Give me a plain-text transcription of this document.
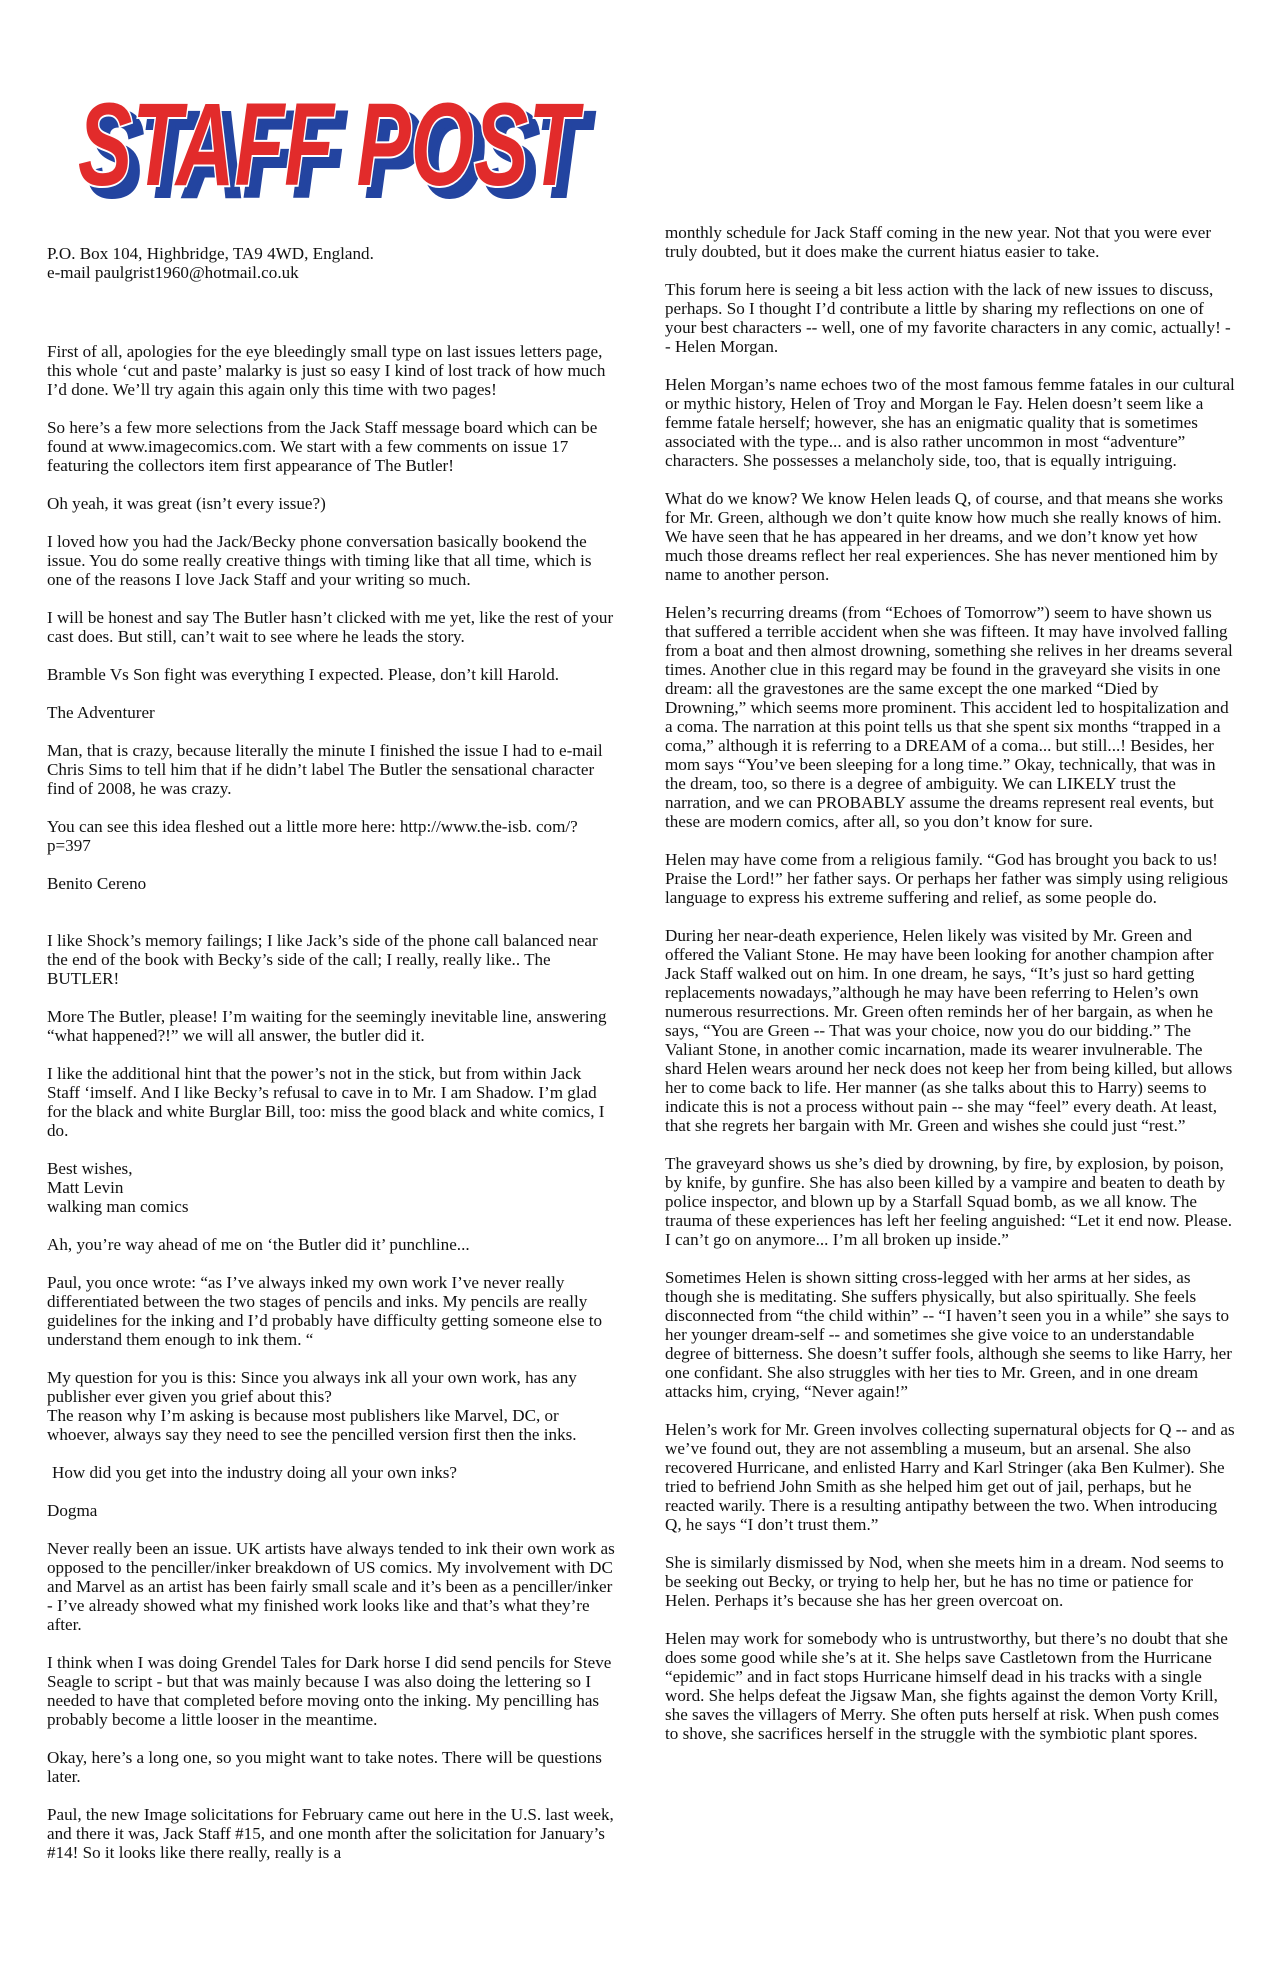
STAFF POST
STAFF POST

P.O. Box 104, Highbridge, TA9 4WD, England.

e-mail paulgrist1960@hotmail.co.uk

First of all, apologies for the eye bleedingly small type on last issues letters page, this whole ‘cut and paste’ malarky is just so easy I kind of lost track of how much I’d done. We’ll try again this again only this time with two pages!

So here’s a few more selections from the Jack Staff message board which can be found at www.imagecomics.com. We start with a few comments on issue 17 featuring the collectors item first appearance of The Butler!

Oh yeah, it was great (isn’t every issue?)

I loved how you had the Jack/Becky phone conversation basically bookend the issue. You do some really creative things with timing like that all time, which is one of the reasons I love Jack Staff and your writing so much.

I will be honest and say The Butler hasn’t clicked with me yet, like the rest of your cast does. But still, can’t wait to see where he leads the story.

Bramble Vs Son fight was everything I expected. Please, don’t kill Harold.

The Adventurer

Man, that is crazy, because literally the minute I finished the issue I had to e-mail Chris Sims to tell him that if he didn’t label The Butler the sensational character find of 2008, he was crazy.

You can see this idea fleshed out a little more here: http://www.the-isb. com/?p=397

Benito Cereno

I like Shock’s memory failings; I like Jack’s side of the phone call balanced near the end of the book with Becky’s side of the call; I really, really like.. The BUTLER!

More The Butler, please! I’m waiting for the seemingly inevitable line, answering “what happened?!” we will all answer, the butler did it.

I like the additional hint that the power’s not in the stick, but from within Jack Staff ‘imself. And I like Becky’s refusal to cave in to Mr. I am Shadow. I’m glad for the black and white Burglar Bill, too: miss the good black and white comics, I do.

Best wishes,

Matt Levin

walking man comics

Ah, you’re way ahead of me on ‘the Butler did it’ punchline...

Paul, you once wrote: “as I’ve always inked my own work I’ve never really differentiated between the two stages of pencils and inks. My pencils are really guidelines for the inking and I’d probably have difficulty getting someone else to understand them enough to ink them. “

My question for you is this: Since you always ink all your own work, has any publisher ever given you grief about this?

The reason why I’m asking is because most publishers like Marvel, DC, or whoever, always say they need to see the pencilled version first then the inks.

How did you get into the industry doing all your own inks?

Dogma

Never really been an issue. UK artists have always tended to ink their own work as opposed to the penciller/inker breakdown of US comics. My involvement with DC and Marvel as an artist has been fairly small scale and it’s been as a penciller/inker - I’ve already showed what my finished work looks like and that’s what they’re after.

I think when I was doing Grendel Tales for Dark horse I did send pencils for Steve Seagle to script - but that was mainly because I was also doing the lettering so I needed to have that completed before moving onto the inking. My pencilling has probably become a little looser in the meantime.

Okay, here’s a long one, so you might want to take notes. There will be questions later.

Paul, the new Image solicitations for February came out here in the U.S. last week, and there it was, Jack Staff #15, and one month after the solicitation for January’s #14! So it looks like there really, really is a

monthly schedule for Jack Staff coming in the new year. Not that you were ever truly doubted, but it does make the current hiatus easier to take.

This forum here is seeing a bit less action with the lack of new issues to discuss, perhaps. So I thought I’d contribute a little by sharing my reflections on one of your best characters -- well, one of my favorite characters in any comic, actually! -- Helen Morgan.

Helen Morgan’s name echoes two of the most famous femme fatales in our cultural or mythic history, Helen of Troy and Morgan le Fay. Helen doesn’t seem like a femme fatale herself; however, she has an enigmatic quality that is sometimes associated with the type... and is also rather uncommon in most “adventure” characters. She possesses a melancholy side, too, that is equally intriguing.

What do we know? We know Helen leads Q, of course, and that means she works for Mr. Green, although we don’t quite know how much she really knows of him. We have seen that he has appeared in her dreams, and we don’t know yet how much those dreams reflect her real experiences. She has never mentioned him by name to another person.

Helen’s recurring dreams (from “Echoes of Tomorrow”) seem to have shown us that suffered a terrible accident when she was fifteen. It may have involved falling from a boat and then almost drowning, something she relives in her dreams several times. Another clue in this regard may be found in the graveyard she visits in one dream: all the gravestones are the same except the one marked “Died by Drowning,” which seems more prominent. This accident led to hospitalization and a coma. The narration at this point tells us that she spent six months “trapped in a coma,” although it is referring to a DREAM of a coma... but still...! Besides, her mom says “You’ve been sleeping for a long time.” Okay, technically, that was in the dream, too, so there is a degree of ambiguity. We can LIKELY trust the narration, and we can PROBABLY assume the dreams represent real events, but these are modern comics, after all, so you don’t know for sure.

Helen may have come from a religious family. “God has brought you back to us! Praise the Lord!” her father says. Or perhaps her father was simply using religious language to express his extreme suffering and relief, as some people do.

During her near-death experience, Helen likely was visited by Mr. Green and offered the Valiant Stone. He may have been looking for another champion after Jack Staff walked out on him. In one dream, he says, “It’s just so hard getting replacements nowadays,”although he may have been referring to Helen’s own numerous resurrections. Mr. Green often reminds her of her bargain, as when he says, “You are Green -- That was your choice, now you do our bidding.” The Valiant Stone, in another comic incarnation, made its wearer invulnerable. The shard Helen wears around her neck does not keep her from being killed, but allows her to come back to life. Her manner (as she talks about this to Harry) seems to indicate this is not a process without pain -- she may “feel” every death. At least, that she regrets her bargain with Mr. Green and wishes she could just “rest.”

The graveyard shows us she’s died by drowning, by fire, by explosion, by poison, by knife, by gunfire. She has also been killed by a vampire and beaten to death by police inspector, and blown up by a Starfall Squad bomb, as we all know. The trauma of these experiences has left her feeling anguished: “Let it end now. Please. I can’t go on anymore... I’m all broken up inside.”

Sometimes Helen is shown sitting cross-legged with her arms at her sides, as though she is meditating. She suffers physically, but also spiritually. She feels disconnected from “the child within” -- “I haven’t seen you in a while” she says to her younger dream-self -- and sometimes she give voice to an understandable degree of bitterness. She doesn’t suffer fools, although she seems to like Harry, her one confidant. She also struggles with her ties to Mr. Green, and in one dream attacks him, crying, “Never again!”

Helen’s work for Mr. Green involves collecting supernatural objects for Q -- and as we’ve found out, they are not assembling a museum, but an arsenal. She also recovered Hurricane, and enlisted Harry and Karl Stringer (aka Ben Kulmer). She tried to befriend John Smith as she helped him get out of jail, perhaps, but he reacted warily. There is a resulting antipathy between the two. When introducing Q, he says “I don’t trust them.”

She is similarly dismissed by Nod, when she meets him in a dream. Nod seems to be seeking out Becky, or trying to help her, but he has no time or patience for Helen. Perhaps it’s because she has her green overcoat on.

Helen may work for somebody who is untrustworthy, but there’s no doubt that she does some good while she’s at it. She helps save Castletown from the Hurricane “epidemic” and in fact stops Hurricane himself dead in his tracks with a single word. She helps defeat the Jigsaw Man, she fights against the demon Vorty Krill, she saves the villagers of Merry. She often puts herself at risk. When push comes to shove, she sacrifices herself in the struggle with the symbiotic plant spores.
